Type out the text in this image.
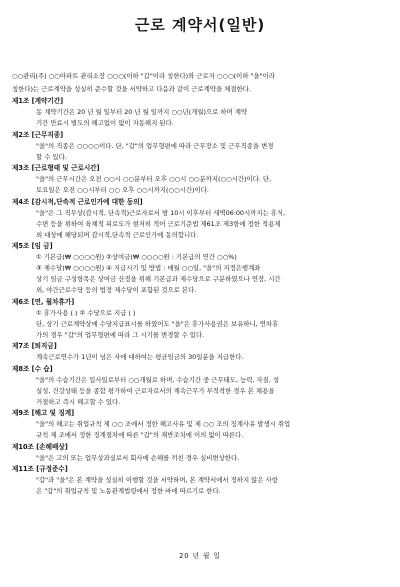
근로 계약서(일반)
○○관리(주) ○○아파트 관리소장 ○○○(이하 "갑"이라 칭한다)와 근로자 ○○○(이하 "을"이라
칭한다)는 근로계약을 성실히 준수할 것을 서약하고 다음과 같이 근로계약을 체결한다.
제1조 [계약기간]
동 계약기간은 20 년 월 일부터 20 년 월 일까지 ○○년(개월)으로 하며 계약
기간 만료시 별도의 해고없이 없이 자동해지 된다.
제2조 [근무직종]
"을"의 직종은 ○○○○이다. 단, "갑"의 업무형편에 따라 근무장소 및 근무직종을 변경
할 수 있다.
제3조 [근로형태 및 근로시간]
"을"의 근무시간은 오전 ○○시 ○○분부터 오후 ○○시 ○○분까지(○○시간)이다. 단,
토요일은 오전 ○○시부터 ○○ 오후 ○○시까지(○○시간)이다.
제4조 [감시적,단속적 근로인가에 대한 동의]
"을"은 그 직무상(감시적, 단속적)근로자로서 밤 10시 이후부터 새벽06:00시까지는 휴식,
수면 등을 위하여 육체적 피로도가 현저히 적어 근로기준법 제61조 제3항에 정한 적용제
외 대상에 해당되며 감시적,단속적 근로인가에 동의합니다.
제5조 [임 금]
① 기본급(₩ ○○○○원) ②상여금(₩ ○○○○원 : 기본급의 연간 ○○%)
③ 제수당(₩ ○○○○원) ④ 지급시기 및 방법 : 매월 ○○일, "을"의 지정은행계좌
상기 임금 구성항목은 상여금 산정을 위해 기본급과 제수당으로 구분하였으나 연장, 시간
외, 야간근로수당 등의 법정 제수당이 포함된 것으로 본다.
제6조 [연, 월차휴가]
① 휴가사용 ( ) ② 수당으로 지급 ( )
단, 상기 근로계약상에 수당지급표시를 하였어도 "을"은 휴가사용권은 보유하니, 연차휴
가의 경우 "갑"의 업무형편에 따라 그 시기를 변경할 수 있다.
제7조 [퇴직금]
계속근로연수가 1년이 넘은 자에 대하여는 평균임금의 30일분을 지급한다.
제8조 [수 습]
"을"의 수습기간은 입사일로부터 ○○개월로 하며, 수습기간 중 근무태도, 능력, 자질, 성
실성, 건강상태 등을 종합 평가하여 근로자로서의 계속근무가 부적격한 경우 본 채용을
거절하고 즉시 해고할 수 있다.
제9조 [해고 및 징계]
"을"의 해고는 취업규칙 제 ○○ 조에서 정한 해고사유 및 제 ○○ 조의 징계사유 발생시 취업
규칙 제 조에서 정한 징계절차에 따른 "갑"의 재반조치에 이의 없이 따른다.
제10조 [손해배상]
"을"은 고의 또는 업무상과실로서 회사에 손해를 끼친 경우 실비변상한다.
제11조 [규정준수]
"갑"과 "을"은 본 계약을 성실히 이행할 것을 서약하며, 본 계약서에서 정하지 않은 사항
은 "갑"의 취업규칙 및 노동관계법령에서 정한 바에 따르기로 한다.
20 년 월 일
